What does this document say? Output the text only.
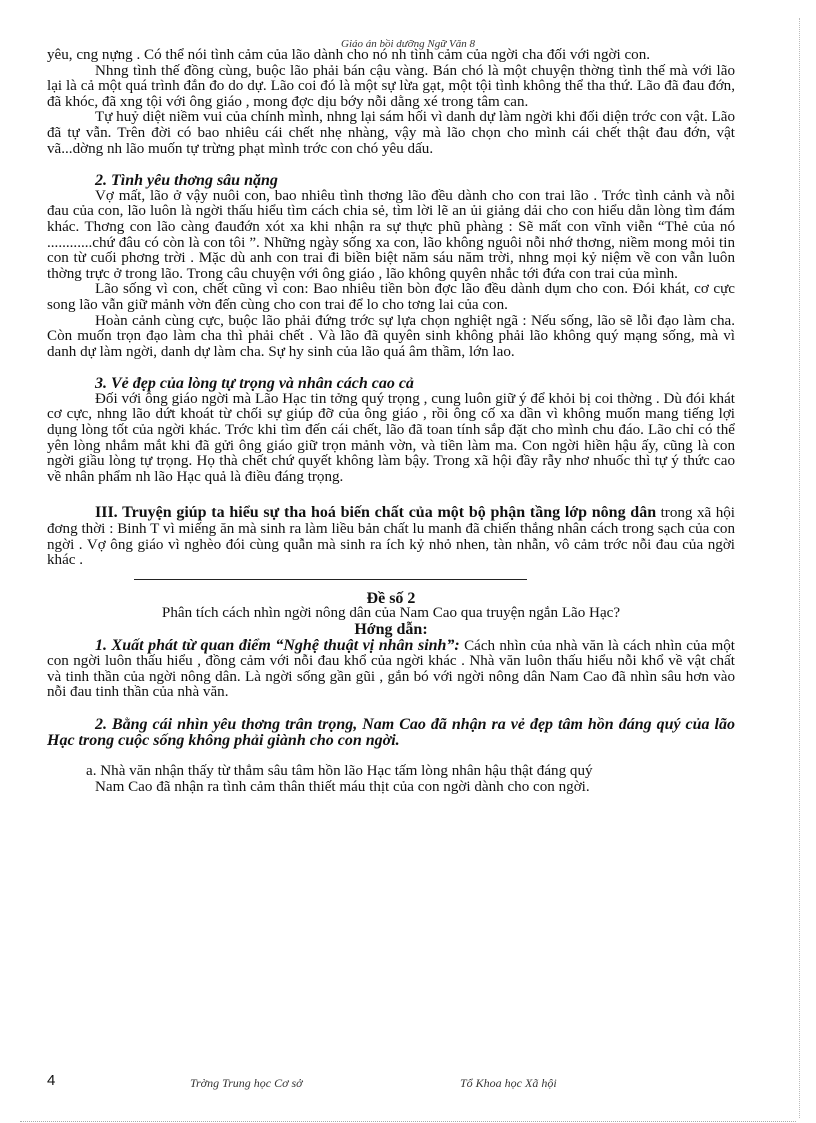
Giáo án bồi dưỡng Ngữ Văn 8

yêu, cng nựng . Có thể nói tình cảm của lão dành cho nó nh tình cảm của ngời cha đối với ngời con.

Nhng tình thế đồng cùng, buộc lão phải bán cậu vàng. Bán chó là một chuyện thờng tình thế mà với lão lại là cả một quá trình đắn đo do dự. Lão coi đó là một sự lừa gạt, một tội tình không thể tha thứ. Lão đã đau đớn, đã khóc, đã xng tội với ông giáo , mong đợc dịu bớy nỗi dằng xé trong tâm can.

Tự huỷ diệt niềm vui của chính mình, nhng lại sám hối vì danh dự làm ngời khi đối diện trớc con vật. Lão đã tự vẫn. Trên đời có bao nhiêu cái chết nhẹ nhàng, vậy mà lão chọn cho mình cái chết thật đau đớn, vật vã...dờng nh lão muốn tự trừng phạt mình trớc con chó yêu dấu.

2. Tình yêu thơng sâu nặng

Vợ mất, lão ở vậy nuôi con, bao nhiêu tình thơng lão đều dành cho con trai lão . Trớc tình cảnh và nỗi đau của con, lão luôn là ngời thấu hiểu tìm cách chia sẻ, tìm lời lẽ an ủi giảng dải cho con hiểu dằn lòng tìm đám khác. Thơng con lão càng đauđớn xót xa khi nhận ra sự thực phũ phàng : Sẽ mất con vĩnh viễn “Thẻ của nó ............chứ đâu có còn là con tôi ”. Những ngày sống xa con, lão không nguôi nỗi nhớ thơng, niềm mong mỏi tin con từ cuối phơng trời . Mặc dù anh con trai đi biền biệt năm sáu năm trời, nhng mọi kỷ niệm về con vẫn luôn thờng trực ở trong lão. Trong câu chuyện với ông giáo , lão không quyên nhắc tới đứa con trai của mình.

Lão sống vì con, chết cũng vì con: Bao nhiêu tiền bòn đợc lão đều dành dụm cho con. Đói khát, cơ cực song lão vẫn giữ mảnh vờn đến cùng cho con trai để lo cho tơng lai của con.

Hoàn cảnh cùng cực, buộc lão phải đứng trớc sự lựa chọn nghiệt ngã : Nếu sống, lão sẽ lỗi đạo làm cha. Còn muốn trọn đạo làm cha thì phải chết . Và lão đã quyên sinh không phải lão không quý mạng sống, mà vì danh dự làm ngời, danh dự làm cha. Sự hy sinh của lão quá âm thầm, lớn lao.

3. Vẻ đẹp của lòng tự trọng và nhân cách cao cả

Đối với ông giáo ngời mà Lão Hạc tin tởng quý trọng , cung luôn giữ ý để khỏi bị coi thờng . Dù đói khát cơ cực, nhng lão dứt khoát từ chối sự giúp đỡ của ông giáo , rồi ông cố xa dần vì không muốn mang tiếng lợi dụng lòng tốt của ngời khác. Trớc khi tìm đến cái chết, lão đã toan tính sắp đặt cho mình chu đáo. Lão chỉ có thể yên lòng nhắm mắt khi đã gửi ông giáo giữ trọn mảnh vờn, và tiền làm ma. Con ngời hiền hậu ấy, cũng là con ngời giầu lòng tự trọng. Họ thà chết chứ quyết không làm bậy. Trong xã hội đầy rẫy nhơ nhuốc thì tự ý thức cao về nhân phẩm nh lão Hạc quả là điều đáng trọng.

III. Truyện giúp ta hiểu sự tha hoá biến chất của một bộ phận tầng lớp nông dân trong xã hội đơng thời : Binh T vì miếng ăn mà sinh ra làm liều bản chất lu manh đã chiến thắng nhân cách trong sạch của con ngời . Vợ ông giáo vì nghèo đói cùng quẫn mà sinh ra ích kỷ nhỏ nhen, tàn nhẫn, vô cảm trớc nỗi đau của ngời khác .

Đề số 2

Phân tích cách nhìn ngời nông dân của Nam Cao qua truyện ngắn Lão Hạc?

Hớng dẫn:

1. Xuất phát từ quan điểm “Nghệ thuật vị nhân sinh”: Cách nhìn của nhà văn là cách nhìn của một con ngời luôn thấu hiểu , đồng cảm với nỗi đau khổ của ngời khác . Nhà văn luôn thấu hiểu nỗi khổ về vật chất và tinh thần của ngời nông dân. Là ngời sống gần gũi , gắn bó với ngời nông dân Nam Cao đã nhìn sâu hơn vào nỗi đau tinh thần của nhà văn.

2. Bằng cái nhìn yêu thơng trân trọng, Nam Cao đã nhận ra vẻ đẹp tâm hồn đáng quý của lão Hạc trong cuộc sống không phải giành cho con ngời.

a. Nhà văn nhận thấy từ thẳm sâu tâm hồn lão Hạc tấm lòng nhân hậu thật đáng quý

Nam Cao đã nhận ra tình cảm thân thiết máu thịt của con ngời dành cho con ngời.

4	Trờng Trung học Cơ sở	Tổ Khoa học Xã hội
